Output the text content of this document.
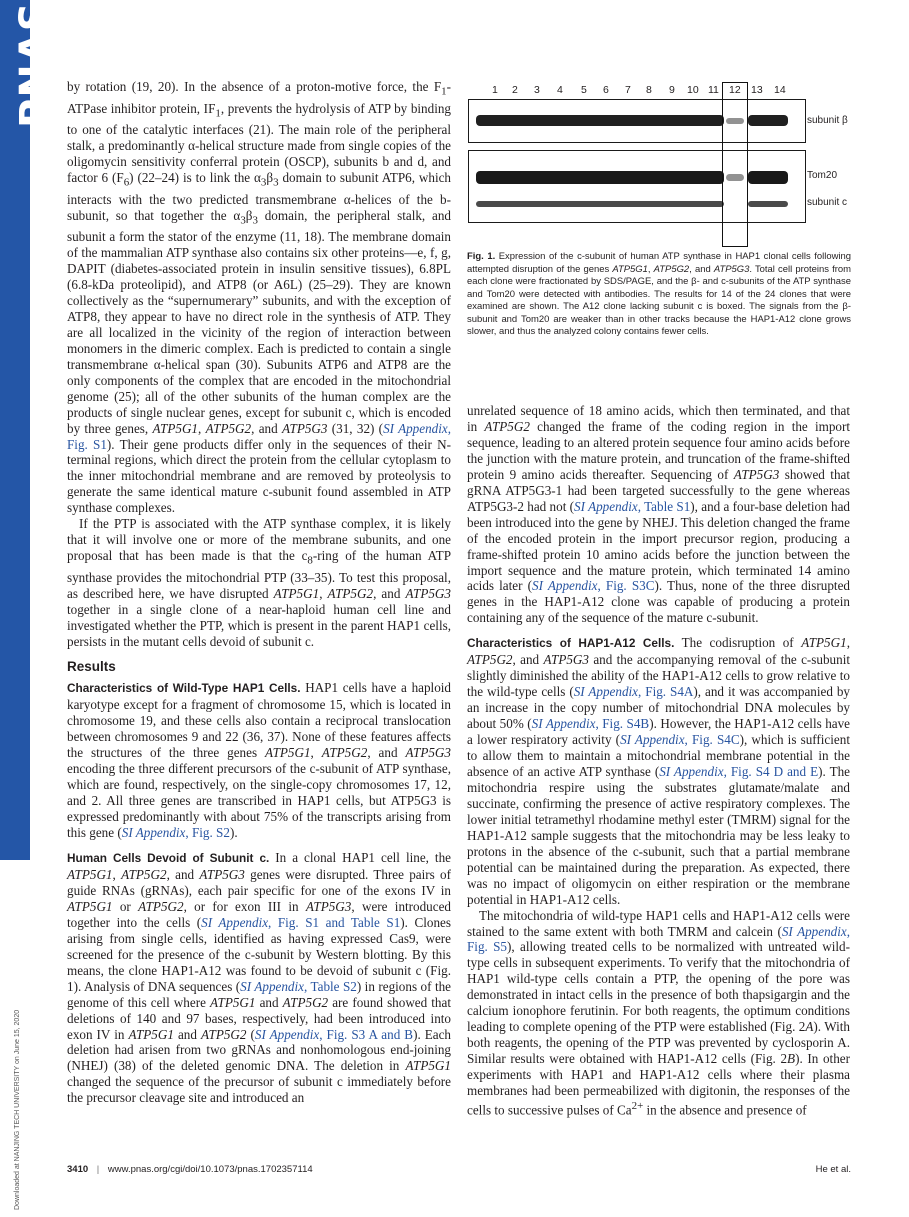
PNAS
Downloaded at NANJING TECH UNIVERSITY on June 15, 2020

by rotation (19, 20). In the absence of a proton-motive force, the $F_1$-ATPase inhibitor protein, $IF_1$, prevents the hydrolysis of ATP by binding to one of the catalytic interfaces (21). The main role of the peripheral stalk, a predominantly α-helical structure made from single copies of the oligomycin sensitivity conferral protein (OSCP), subunits b and d, and factor 6 $(F_6)$ (22–24) is to link the $\alpha_3\beta_3$ domain to subunit ATP6, which interacts with the two predicted transmembrane α-helices of the b-subunit, so that together the $\alpha_3\beta_3$ domain, the peripheral stalk, and subunit a form the stator of the enzyme (11, 18). The membrane domain of the mammalian ATP synthase also contains six other proteins—e, f, g, DAPIT (diabetes-associated protein in insulin sensitive tissues), 6.8PL (6.8-kDa proteolipid), and ATP8 (or A6L) (25–29). They are known collectively as the “supernumerary” subunits, and with the exception of ATP8, they appear to have no direct role in the synthesis of ATP. They are all localized in the vicinity of the region of interaction between monomers in the dimeric complex. Each is predicted to contain a single transmembrane α-helical span (30). Subunits ATP6 and ATP8 are the only components of the complex that are encoded in the mitochondrial genome (25); all of the other subunits of the human complex are the products of single nuclear genes, except for subunit c, which is encoded by three genes, ATP5G1, ATP5G2, and ATP5G3 (31, 32) (SI Appendix, Fig. S1). Their gene products differ only in the sequences of their N-terminal regions, which direct the protein from the cellular cytoplasm to the inner mitochondrial membrane and are removed by proteolysis to generate the same identical mature c-subunit found assembled in ATP synthase complexes.

If the PTP is associated with the ATP synthase complex, it is likely that it will involve one or more of the membrane subunits, and one proposal that has been made is that the $c_8$-ring of the human ATP synthase provides the mitochondrial PTP (33–35). To test this proposal, as described here, we have disrupted ATP5G1, ATP5G2, and ATP5G3 together in a single clone of a near-haploid human cell line and investigated whether the PTP, which is present in the parent HAP1 cells, persists in the mutant cells devoid of subunit c.

Results

Characteristics of Wild-Type HAP1 Cells. HAP1 cells have a haploid karyotype except for a fragment of chromosome 15, which is located in chromosome 19, and these cells also contain a reciprocal translocation between chromosomes 9 and 22 (36, 37). None of these features affects the structures of the three genes ATP5G1, ATP5G2, and ATP5G3 encoding the three different precursors of the c-subunit of ATP synthase, which are found, respectively, on the single-copy chromosomes 17, 12, and 2. All three genes are transcribed in HAP1 cells, but ATP5G3 is expressed predominantly with about 75% of the transcripts arising from this gene (SI Appendix, Fig. S2).

Human Cells Devoid of Subunit c. In a clonal HAP1 cell line, the ATP5G1, ATP5G2, and ATP5G3 genes were disrupted. Three pairs of guide RNAs (gRNAs), each pair specific for one of the exons IV in ATP5G1 or ATP5G2, or for exon III in ATP5G3, were introduced together into the cells (SI Appendix, Fig. S1 and Table S1). Clones arising from single cells, identified as having expressed Cas9, were screened for the presence of the c-subunit by Western blotting. By this means, the clone HAP1-A12 was found to be devoid of subunit c (Fig. 1). Analysis of DNA sequences (SI Appendix, Table S2) in regions of the genome of this cell where ATP5G1 and ATP5G2 are found showed that deletions of 140 and 97 bases, respectively, had been introduced into exon IV in ATP5G1 and ATP5G2 (SI Appendix, Fig. S3 A and B). Each deletion had arisen from two gRNAs and nonhomologous end-joining (NHEJ) (38) of the deleted genomic DNA. The deletion in ATP5G1 changed the sequence of the precursor of subunit c immediately before the precursor cleavage site and introduced an

1 2 3 4 5 6 7 8 9 10 11 12 13 14
subunit β
Tom20
subunit c
Fig. 1. Expression of the c-subunit of human ATP synthase in HAP1 clonal cells following attempted disruption of the genes ATP5G1, ATP5G2, and ATP5G3. Total cell proteins from each clone were fractionated by SDS/PAGE, and the β- and c-subunits of the ATP synthase and Tom20 were detected with antibodies. The results for 14 of the 24 clones that were examined are shown. The A12 clone lacking subunit c is boxed. The signals from the β-subunit and Tom20 are weaker than in other tracks because the HAP1-A12 clone grows slower, and thus the analyzed colony contains fewer cells.

unrelated sequence of 18 amino acids, which then terminated, and that in ATP5G2 changed the frame of the coding region in the import sequence, leading to an altered protein sequence four amino acids before the junction with the mature protein, and truncation of the frame-shifted protein 9 amino acids thereafter. Sequencing of ATP5G3 showed that gRNA ATP5G3-1 had been targeted successfully to the gene whereas ATP5G3-2 had not (SI Appendix, Table S1), and a four-base deletion had been introduced into the gene by NHEJ. This deletion changed the frame of the encoded protein in the import precursor region, producing a frame-shifted protein 10 amino acids before the junction between the import sequence and the mature protein, which terminated 14 amino acids later (SI Appendix, Fig. S3C). Thus, none of the three disrupted genes in the HAP1-A12 clone was capable of producing a protein containing any of the sequence of the mature c-subunit.

Characteristics of HAP1-A12 Cells. The codisruption of ATP5G1, ATP5G2, and ATP5G3 and the accompanying removal of the c-subunit slightly diminished the ability of the HAP1-A12 cells to grow relative to the wild-type cells (SI Appendix, Fig. S4A), and it was accompanied by an increase in the copy number of mitochondrial DNA molecules by about 50% (SI Appendix, Fig. S4B). However, the HAP1-A12 cells have a lower respiratory activity (SI Appendix, Fig. S4C), which is sufficient to allow them to maintain a mitochondrial membrane potential in the absence of an active ATP synthase (SI Appendix, Fig. S4 D and E). The mitochondria respire using the substrates glutamate/malate and succinate, confirming the presence of active respiratory complexes. The lower initial tetramethyl rhodamine methyl ester (TMRM) signal for the HAP1-A12 sample suggests that the mitochondria may be less leaky to protons in the absence of the c-subunit, such that a partial membrane potential can be maintained during the preparation. As expected, there was no impact of oligomycin on either respiration or the membrane potential in HAP1-A12 cells.

The mitochondria of wild-type HAP1 cells and HAP1-A12 cells were stained to the same extent with both TMRM and calcein (SI Appendix, Fig. S5), allowing treated cells to be normalized with untreated wild-type cells in subsequent experiments. To verify that the mitochondria of HAP1 wild-type cells contain a PTP, the opening of the pore was demonstrated in intact cells in the presence of both thapsigargin and the calcium ionophore ferutinin. For both reagents, the optimum conditions leading to complete opening of the PTP were established (Fig. 2A). With both reagents, the opening of the PTP was prevented by cyclosporin A. Similar results were obtained with HAP1-A12 cells (Fig. 2B). In other experiments with HAP1 and HAP1-A12 cells where their plasma membranes had been permeabilized with digitonin, the responses of the cells to successive pulses of $Ca^{2+}$ in the absence and presence of

3410 | www.pnas.org/cgi/doi/10.1073/pnas.1702357114	He et al.
